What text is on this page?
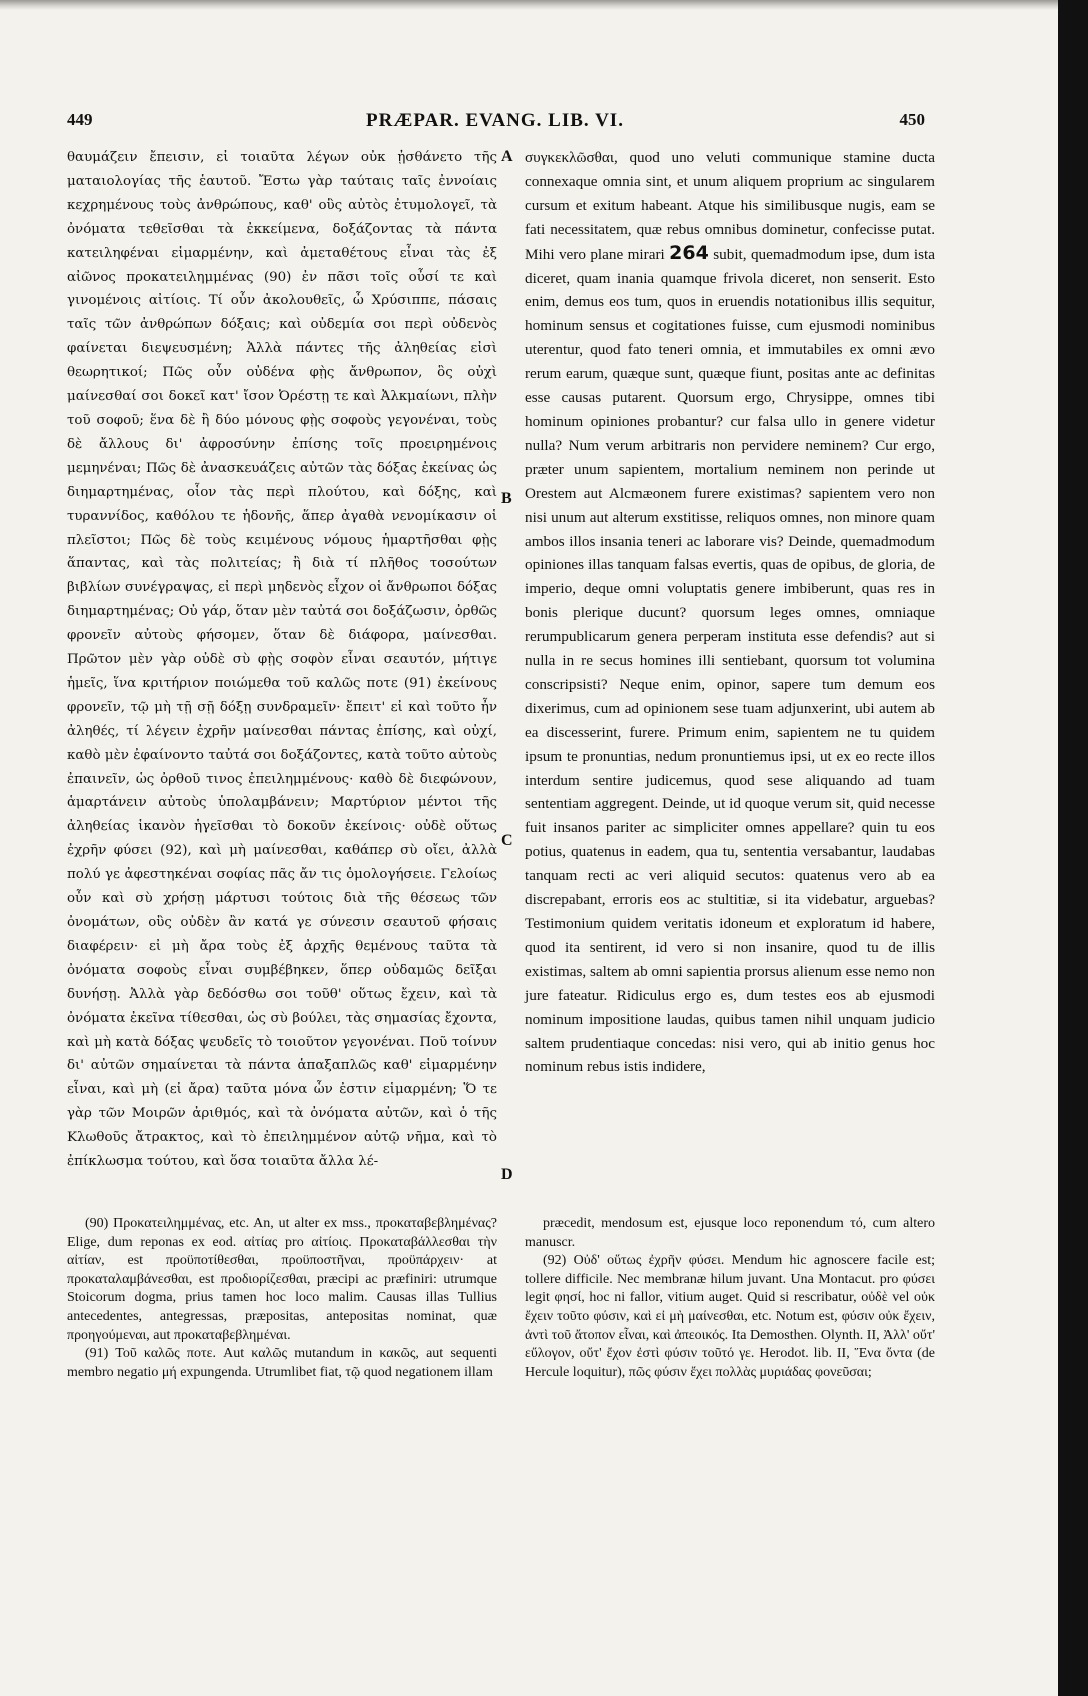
449	PRÆPAR. EVANG. LIB. VI.	450

θαυμάζειν ἔπεισιν, εἰ τοιαῦτα λέγων οὐκ ᾐσθάνετο τῆς ματαιολογίας τῆς ἑαυτοῦ. Ἔστω γὰρ ταύταις ταῖς ἐννοίαις κεχρημένους τοὺς ἀνθρώπους, καθ' οὓς αὐτὸς ἐτυμολογεῖ, τὰ ὀνόματα τεθεῖσθαι τὰ ἐκκείμενα, δοξάζοντας τὰ πάντα κατειληφέναι εἱμαρμένην, καὶ ἀμεταθέτους εἶναι τὰς ἐξ αἰῶνος προκατειλημμένας (90) ἐν πᾶσι τοῖς οὖσί τε καὶ γινομένοις αἰτίοις. Τί οὖν ἀκολουθεῖς, ὦ Χρύσιππε, πάσαις ταῖς τῶν ἀνθρώπων δόξαις; καὶ οὐδεμία σοι περὶ οὐδενὸς φαίνεται διεψευσμένη; Ἀλλὰ πάντες τῆς ἀληθείας εἰσὶ θεωρητικοί; Πῶς οὖν οὐδένα φῂς ἄνθρωπον, ὃς οὐχὶ μαίνεσθαί σοι δοκεῖ κατ' ἴσον Ὀρέστῃ τε καὶ Ἀλκμαίωνι, πλὴν τοῦ σοφοῦ; ἕνα δὲ ἢ δύο μόνους φῂς σοφοὺς γεγονέναι, τοὺς δὲ ἄλλους δι' ἀφροσύνην ἐπίσης τοῖς προειρημένοις μεμηνέναι; Πῶς δὲ ἀνασκευάζεις αὐτῶν τὰς δόξας ἐκείνας ὡς διημαρτημένας, οἷον τὰς περὶ πλούτου, καὶ δόξης, καὶ τυραννίδος, καθόλου τε ἡδονῆς, ἅπερ ἀγαθὰ νενομίκασιν οἱ πλεῖστοι; Πῶς δὲ τοὺς κειμένους νόμους ἡμαρτῆσθαι φῂς ἅπαντας, καὶ τὰς πολιτείας; ἢ διὰ τί πλῆθος τοσούτων βιβλίων συνέγραψας, εἰ περὶ μηδενὸς εἶχον οἱ ἄνθρωποι δόξας διημαρτημένας; Οὐ γάρ, ὅταν μὲν ταὐτά σοι δοξάζωσιν, ὀρθῶς φρονεῖν αὐτοὺς φήσομεν, ὅταν δὲ διάφορα, μαίνεσθαι. Πρῶτον μὲν γὰρ οὐδὲ σὺ φῂς σοφὸν εἶναι σεαυτόν, μήτιγε ἡμεῖς, ἵνα κριτήριον ποιώμεθα τοῦ καλῶς ποτε (91) ἐκείνους φρονεῖν, τῷ μὴ τῇ σῇ δόξῃ συνδραμεῖν· ἔπειτ' εἰ καὶ τοῦτο ἦν ἀληθές, τί λέγειν ἐχρῆν μαίνεσθαι πάντας ἐπίσης, καὶ οὐχί, καθὸ μὲν ἐφαίνοντο ταὐτά σοι δοξάζοντες, κατὰ τοῦτο αὐτοὺς ἐπαινεῖν, ὡς ὀρθοῦ τινος ἐπειλημμένους· καθὸ δὲ διεφώνουν, ἁμαρτάνειν αὐτοὺς ὑπολαμβάνειν; Μαρτύριον μέντοι τῆς ἀληθείας ἱκανὸν ἡγεῖσθαι τὸ δοκοῦν ἐκείνοις· οὐδὲ οὕτως ἐχρῆν φύσει (92), καὶ μὴ μαίνεσθαι, καθάπερ σὺ οἴει, ἀλλὰ πολύ γε ἀφεστηκέναι σοφίας πᾶς ἄν τις ὁμολογήσειε. Γελοίως οὖν καὶ σὺ χρήσῃ μάρτυσι τούτοις διὰ τῆς θέσεως τῶν ὀνομάτων, οὓς οὐδὲν ἂν κατά γε σύνεσιν σεαυτοῦ φήσαις διαφέρειν· εἰ μὴ ἄρα τοὺς ἐξ ἀρχῆς θεμένους ταῦτα τὰ ὀνόματα σοφοὺς εἶναι συμβέβηκεν, ὅπερ οὐδαμῶς δεῖξαι δυνήσῃ. Ἀλλὰ γὰρ δεδόσθω σοι τοῦθ' οὕτως ἔχειν, καὶ τὰ ὀνόματα ἐκεῖνα τίθεσθαι, ὡς σὺ βούλει, τὰς σημασίας ἔχοντα, καὶ μὴ κατὰ δόξας ψευδεῖς τὸ τοιοῦτον γεγονέναι. Ποῦ τοίνυν δι' αὐτῶν σημαίνεται τὰ πάντα ἁπαξαπλῶς καθ' εἱμαρμένην εἶναι, καὶ μὴ (εἰ ἄρα) ταῦτα μόνα ὧν ἐστιν εἱμαρμένη; Ὅ τε γὰρ τῶν Μοιρῶν ἀριθμός, καὶ τὰ ὀνόματα αὐτῶν, καὶ ὁ τῆς Κλωθοῦς ἄτρακτος, καὶ τὸ ἐπειλημμένον αὐτῷ νῆμα, καὶ τὸ ἐπίκλωσμα τούτου, καὶ ὅσα τοιαῦτα ἄλλα λέ-

A
B
C
D

συγκεκλῶσθαι, quod uno veluti communique stamine ducta connexaque omnia sint, et unum aliquem proprium ac singularem cursum et exitum habeant. Atque his similibusque nugis, eam se fati necessitatem, quæ rebus omnibus dominetur, confecisse putat. Mihi vero plane mirari 264 subit, quemadmodum ipse, dum ista diceret, quam inania quamque frivola diceret, non senserit. Esto enim, demus eos tum, quos in eruendis notationibus illis sequitur, hominum sensus et cogitationes fuisse, cum ejusmodi nominibus uterentur, quod fato teneri omnia, et immutabiles ex omni ævo rerum earum, quæque sunt, quæque fiunt, positas ante ac definitas esse causas putarent. Quorsum ergo, Chrysippe, omnes tibi hominum opiniones probantur? cur falsa ullo in genere videtur nulla? Num verum arbitraris non pervidere neminem? Cur ergo, præter unum sapientem, mortalium neminem non perinde ut Orestem aut Alcmæonem furere existimas? sapientem vero non nisi unum aut alterum exstitisse, reliquos omnes, non minore quam ambos illos insania teneri ac laborare vis? Deinde, quemadmodum opiniones illas tanquam falsas evertis, quas de opibus, de gloria, de imperio, deque omni voluptatis genere imbiberunt, quas res in bonis plerique ducunt? quorsum leges omnes, omniaque rerumpublicarum genera perperam instituta esse defendis? aut si nulla in re secus homines illi sentiebant, quorsum tot volumina conscripsisti? Neque enim, opinor, sapere tum demum eos dixerimus, cum ad opinionem sese tuam adjunxerint, ubi autem ab ea discesserint, furere. Primum enim, sapientem ne tu quidem ipsum te pronuntias, nedum pronuntiemus ipsi, ut ex eo recte illos interdum sentire judicemus, quod sese aliquando ad tuam sententiam aggregent. Deinde, ut id quoque verum sit, quid necesse fuit insanos pariter ac simpliciter omnes appellare? quin tu eos potius, quatenus in eadem, qua tu, sententia versabantur, laudabas tanquam recti ac veri aliquid secutos: quatenus vero ab ea discrepabant, erroris eos ac stultitiæ, si ita videbatur, arguebas? Testimonium quidem veritatis idoneum et exploratum id habere, quod ita sentirent, id vero si non insanire, quod tu de illis existimas, saltem ab omni sapientia prorsus alienum esse nemo non jure fateatur. Ridiculus ergo es, dum testes eos ab ejusmodi nominum impositione laudas, quibus tamen nihil unquam judicio saltem prudentiaque concedas: nisi vero, qui ab initio genus hoc nominum rebus istis indidere,

(90) Προκατειλημμένας, etc. An, ut alter ex mss., προκαταβεβλημένας? Elige, dum reponas ex eod. αἰτίας pro αἰτίοις. Προκαταβάλλεσθαι τὴν αἰτίαν, est προϋποτίθεσθαι, προϋποστῆναι, προϋπάρχειν· at προκαταλαμβάνεσθαι, est προδιορίζεσθαι, præcipi ac præfiniri: utrumque Stoicorum dogma, prius tamen hoc loco malim. Causas illas Tullius antecedentes, antegressas, præpositas, antepositas nominat, quæ προηγούμεναι, aut προκαταβεβλημέναι.

(91) Τοῦ καλῶς ποτε. Aut καλῶς mutandum in κακῶς, aut sequenti membro negatio μή expungenda. Utrumlibet fiat, τῷ quod negationem illam

præcedit, mendosum est, ejusque loco reponendum τό, cum altero manuscr.

(92) Οὐδ' οὕτως ἐχρῆν φύσει. Mendum hic agnoscere facile est; tollere difficile. Nec membranæ hilum juvant. Una Montacut. pro φύσει legit φησί, hoc ni fallor, vitium auget. Quid si rescribatur, οὐδὲ vel οὐκ ἔχειν τοῦτο φύσιν, καὶ εἰ μὴ μαίνεσθαι, etc. Notum est, φύσιν οὐκ ἔχειν, ἀντὶ τοῦ ἄτοπον εἶναι, καὶ ἀπεοικός. Ita Demosthen. Olynth. II, Ἀλλ' οὔτ' εὔλογον, οὔτ' ἔχον ἐστὶ φύσιν τοῦτό γε. Herodot. lib. II, Ἕνα ὄντα (de Hercule loquitur), πῶς φύσιν ἔχει πολλὰς μυριάδας φονεῦσαι;
